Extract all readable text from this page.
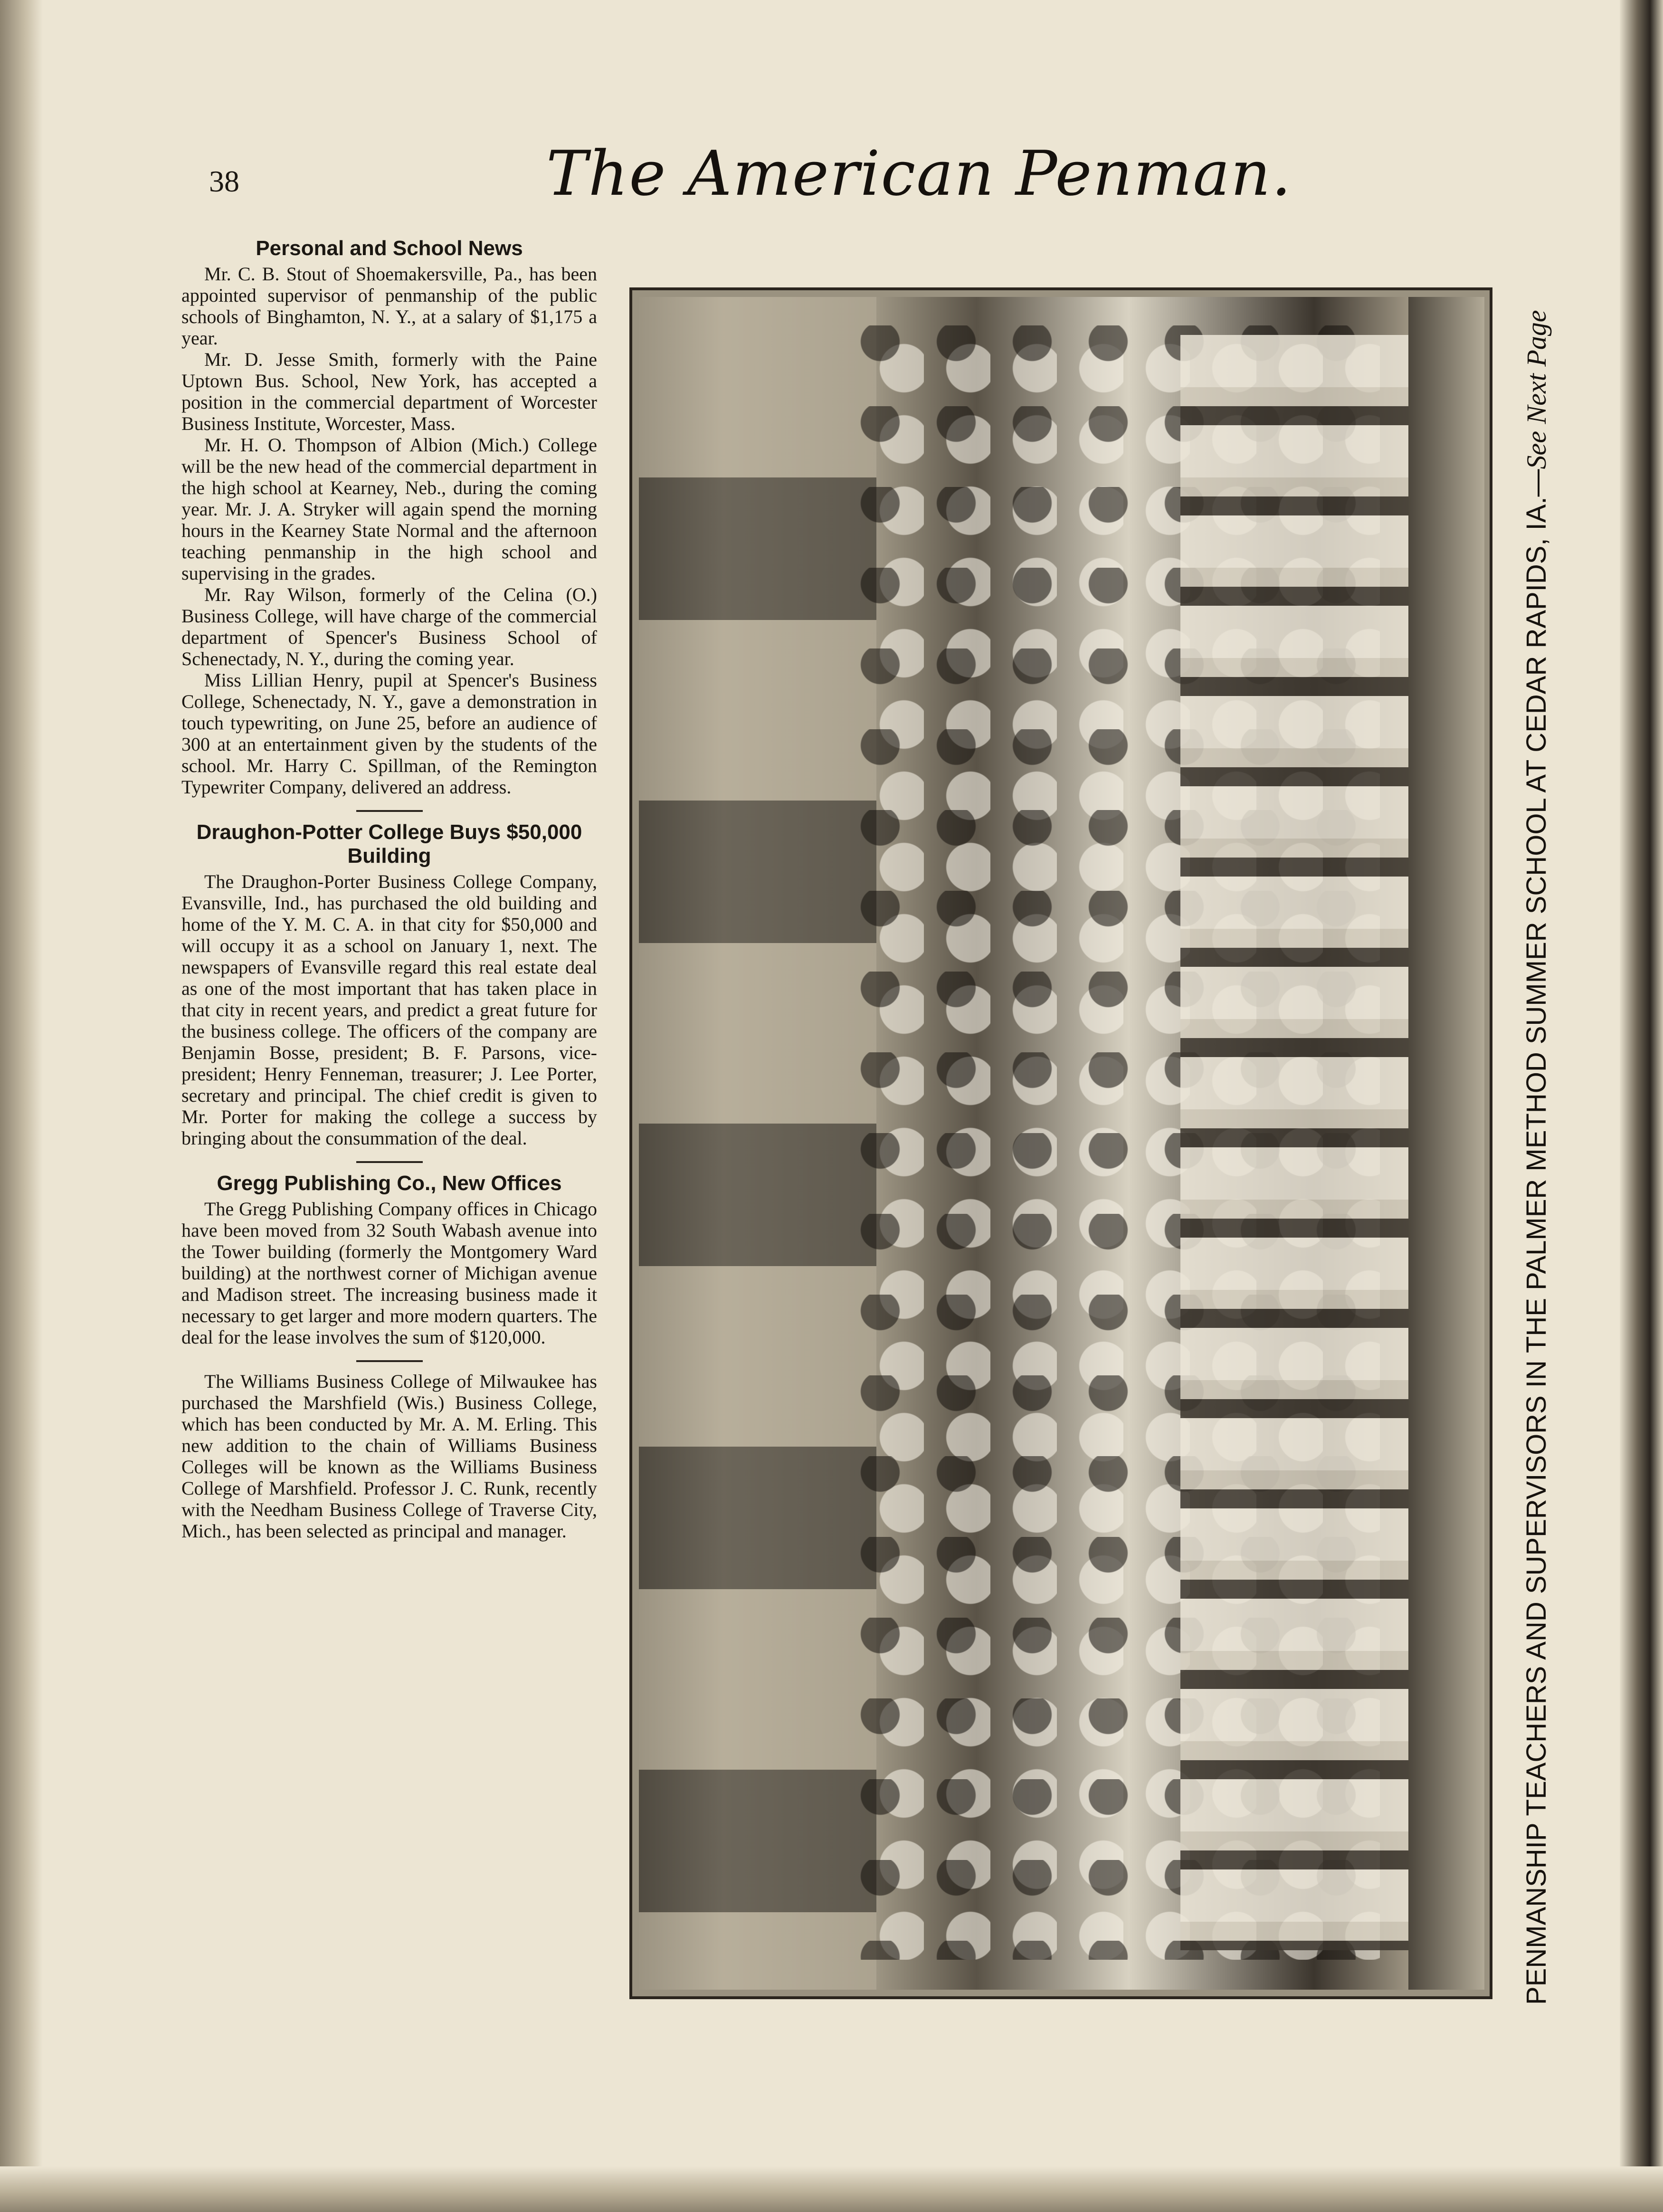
38	The American Penman.
Personal and School News

Mr. C. B. Stout of Shoemakersville, Pa., has been appointed supervisor of penmanship of the public schools of Binghamton, N. Y., at a salary of $1,175 a year.

Mr. D. Jesse Smith, formerly with the Paine Uptown Bus. School, New York, has accepted a position in the commercial department of Worcester Business Institute, Worcester, Mass.

Mr. H. O. Thompson of Albion (Mich.) College will be the new head of the commercial department in the high school at Kearney, Neb., during the coming year. Mr. J. A. Stryker will again spend the morning hours in the Kearney State Normal and the afternoon teaching penmanship in the high school and supervising in the grades.

Mr. Ray Wilson, formerly of the Celina (O.) Business College, will have charge of the commercial department of Spencer's Business School of Schenectady, N. Y., during the coming year.

Miss Lillian Henry, pupil at Spencer's Business College, Schenectady, N. Y., gave a demonstration in touch typewriting, on June 25, before an audience of 300 at an entertainment given by the students of the school. Mr. Harry C. Spillman, of the Remington Typewriter Company, delivered an address.

Draughon-Potter College Buys $50,000 Building

The Draughon-Porter Business College Company, Evansville, Ind., has purchased the old building and home of the Y. M. C. A. in that city for $50,000 and will occupy it as a school on January 1, next. The newspapers of Evansville regard this real estate deal as one of the most important that has taken place in that city in recent years, and predict a great future for the business college. The officers of the company are Benjamin Bosse, president; B. F. Parsons, vice-president; Henry Fenneman, treasurer; J. Lee Porter, secretary and principal. The chief credit is given to Mr. Porter for making the college a success by bringing about the consummation of the deal.

Gregg Publishing Co., New Offices

The Gregg Publishing Company offices in Chicago have been moved from 32 South Wabash avenue into the Tower building (formerly the Montgomery Ward building) at the northwest corner of Michigan avenue and Madison street. The increasing business made it necessary to get larger and more modern quarters. The deal for the lease involves the sum of $120,000.

The Williams Business College of Milwaukee has purchased the Marshfield (Wis.) Business College, which has been conducted by Mr. A. M. Erling. This new addition to the chain of Williams Business Colleges will be known as the Williams Business College of Marshfield. Professor J. C. Runk, recently with the Needham Business College of Traverse City, Mich., has been selected as principal and manager.	PENMANSHIP TEACHERS AND SUPERVISORS IN THE PALMER METHOD SUMMER SCHOOL AT CEDAR RAPIDS, IA.—See Next Page
